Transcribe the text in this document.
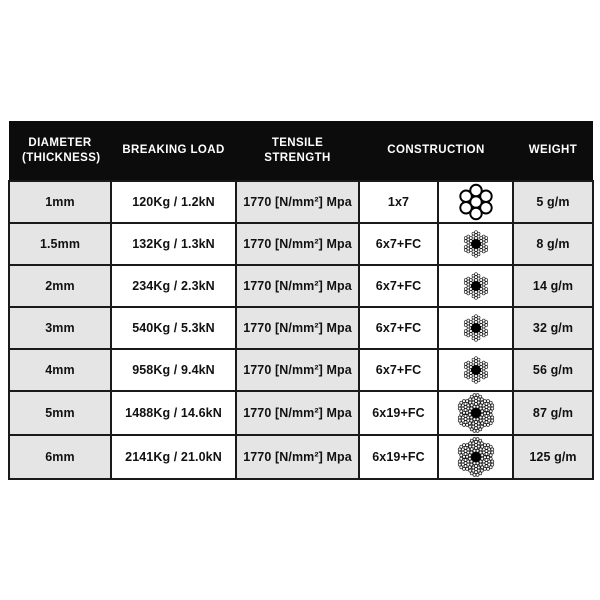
DIAMETER (THICKNESS)	BREAKING LOAD	TENSILE STRENGTH	CONSTRUCTION		WEIGHT
1mm	120Kg / 1.2kN	1770 [N/mm²] Mpa	1x7		5 g/m
1.5mm	132Kg / 1.3kN	1770 [N/mm²] Mpa	6x7+FC		8 g/m
2mm	234Kg / 2.3kN	1770 [N/mm²] Mpa	6x7+FC		14 g/m
3mm	540Kg / 5.3kN	1770 [N/mm²] Mpa	6x7+FC		32 g/m
4mm	958Kg / 9.4kN	1770 [N/mm²] Mpa	6x7+FC		56 g/m
5mm	1488Kg / 14.6kN	1770 [N/mm²] Mpa	6x19+FC		87 g/m
6mm	2141Kg / 21.0kN	1770 [N/mm²] Mpa	6x19+FC		125 g/m
